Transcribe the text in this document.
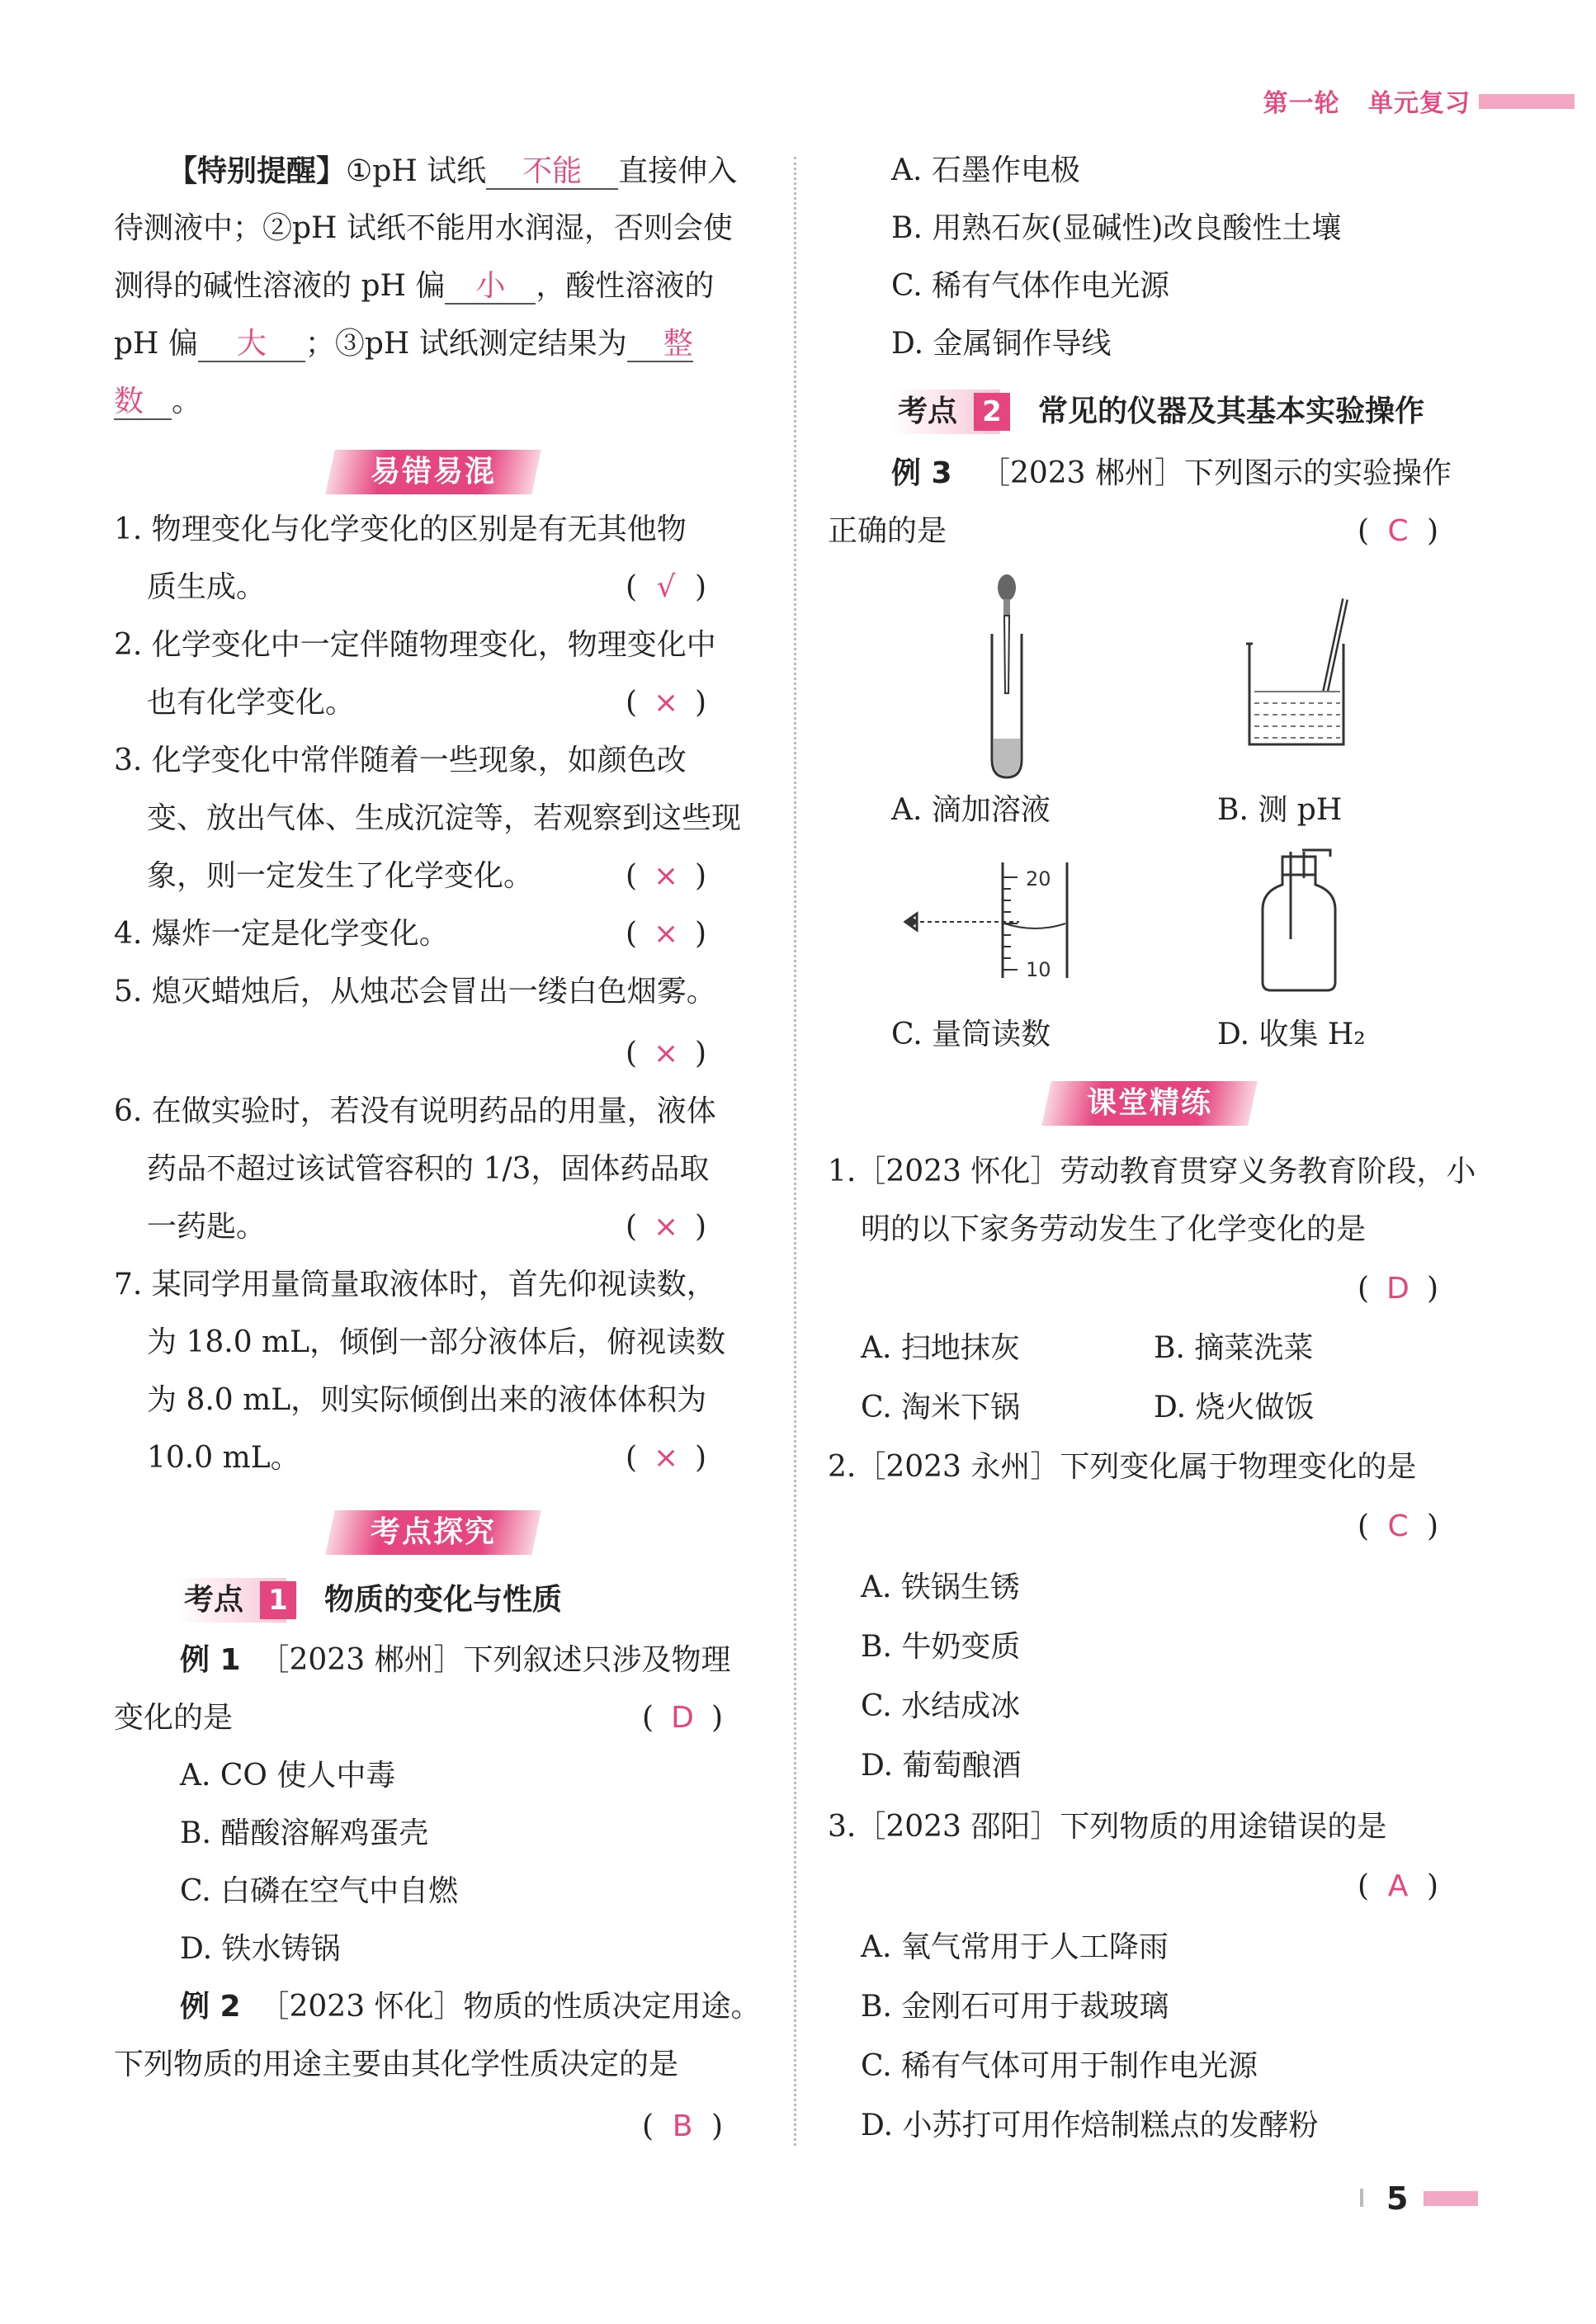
第一轮 单元复习
【特别提醒】①pH 试纸 不能 直接伸入
待测液中；②pH 试纸不能用水润湿，否则会使
测得的碱性溶液的 pH 偏 小 ，酸性溶液的
pH 偏 大 ；③pH 试纸测定结果为 整
数 。
易错易混
1. 物理变化与化学变化的区别是有无其他物
质生成。	( √ )
2. 化学变化中一定伴随物理变化，物理变化中
也有化学变化。	( × )
3. 化学变化中常伴随着一些现象，如颜色改
变、放出气体、生成沉淀等，若观察到这些现
象，则一定发生了化学变化。	( × )
4. 爆炸一定是化学变化。	( × )
5. 熄灭蜡烛后，从烛芯会冒出一缕白色烟雾。
( × )
6. 在做实验时，若没有说明药品的用量，液体
药品不超过该试管容积的 1/3，固体药品取
一药匙。	( × )
7. 某同学用量筒量取液体时，首先仰视读数，
为 18.0 mL，倾倒一部分液体后，俯视读数
为 8.0 mL，则实际倾倒出来的液体体积为
10.0 mL。	( × )
考点探究
考点 1 物质的变化与性质
例 1 ［2023 郴州］下列叙述只涉及物理
变化的是	( D )
A. CO 使人中毒
B. 醋酸溶解鸡蛋壳
C. 白磷在空气中自燃
D. 铁水铸锅
例 2 ［2023 怀化］物质的性质决定用途。
下列物质的用途主要由其化学性质决定的是
( B )
A. 石墨作电极
B. 用熟石灰(显碱性)改良酸性土壤
C. 稀有气体作电光源
D. 金属铜作导线
考点 2 常见的仪器及其基本实验操作
例 3 ［2023 郴州］下列图示的实验操作
正确的是	( C )
A. 滴加溶液	B. 测 pH
20
10
C. 量筒读数	D. 收集 H₂
课堂精练
1.［2023 怀化］劳动教育贯穿义务教育阶段，小
明的以下家务劳动发生了化学变化的是
( D )
A. 扫地抹灰	B. 摘菜洗菜
C. 淘米下锅	D. 烧火做饭
2.［2023 永州］下列变化属于物理变化的是
( C )
A. 铁锅生锈
B. 牛奶变质
C. 水结成冰
D. 葡萄酿酒
3.［2023 邵阳］下列物质的用途错误的是
( A )
A. 氧气常用于人工降雨
B. 金刚石可用于裁玻璃
C. 稀有气体可用于制作电光源
D. 小苏打可用作焙制糕点的发酵粉
5
